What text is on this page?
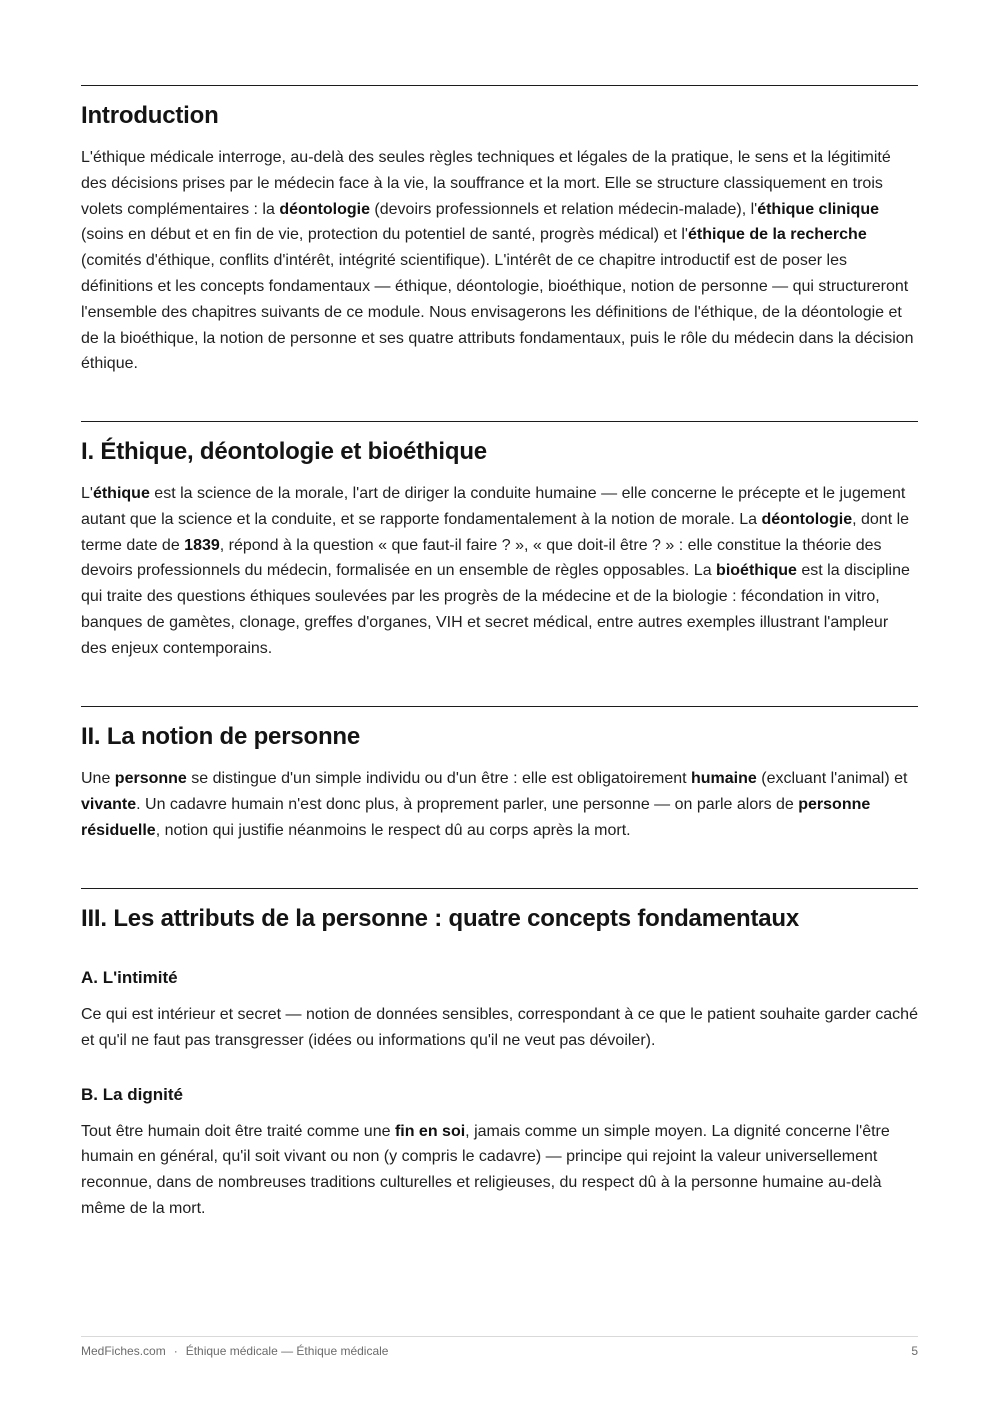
Introduction

L'éthique médicale interroge, au-delà des seules règles techniques et légales de la pratique, le sens et la légitimité des décisions prises par le médecin face à la vie, la souffrance et la mort. Elle se structure classiquement en trois volets complémentaires : la déontologie (devoirs professionnels et relation médecin-malade), l'éthique clinique (soins en début et en fin de vie, protection du potentiel de santé, progrès médical) et l'éthique de la recherche (comités d'éthique, conflits d'intérêt, intégrité scientifique). L'intérêt de ce chapitre introductif est de poser les définitions et les concepts fondamentaux — éthique, déontologie, bioéthique, notion de personne — qui structureront l'ensemble des chapitres suivants de ce module. Nous envisagerons les définitions de l'éthique, de la déontologie et de la bioéthique, la notion de personne et ses quatre attributs fondamentaux, puis le rôle du médecin dans la décision éthique.

I. Éthique, déontologie et bioéthique

L'éthique est la science de la morale, l'art de diriger la conduite humaine — elle concerne le précepte et le jugement autant que la science et la conduite, et se rapporte fondamentalement à la notion de morale. La déontologie, dont le terme date de 1839, répond à la question « que faut-il faire ? », « que doit-il être ? » : elle constitue la théorie des devoirs professionnels du médecin, formalisée en un ensemble de règles opposables. La bioéthique est la discipline qui traite des questions éthiques soulevées par les progrès de la médecine et de la biologie : fécondation in vitro, banques de gamètes, clonage, greffes d'organes, VIH et secret médical, entre autres exemples illustrant l'ampleur des enjeux contemporains.

II. La notion de personne

Une personne se distingue d'un simple individu ou d'un être : elle est obligatoirement humaine (excluant l'animal) et vivante. Un cadavre humain n'est donc plus, à proprement parler, une personne — on parle alors de personne résiduelle, notion qui justifie néanmoins le respect dû au corps après la mort.

III. Les attributs de la personne : quatre concepts fondamentaux
A. L'intimité

Ce qui est intérieur et secret — notion de données sensibles, correspondant à ce que le patient souhaite garder caché et qu'il ne faut pas transgresser (idées ou informations qu'il ne veut pas dévoiler).

B. La dignité

Tout être humain doit être traité comme une fin en soi, jamais comme un simple moyen. La dignité concerne l'être humain en général, qu'il soit vivant ou non (y compris le cadavre) — principe qui rejoint la valeur universellement reconnue, dans de nombreuses traditions culturelles et religieuses, du respect dû à la personne humaine au-delà même de la mort.

MedFiches.com · Éthique médicale — Éthique médicale	5
